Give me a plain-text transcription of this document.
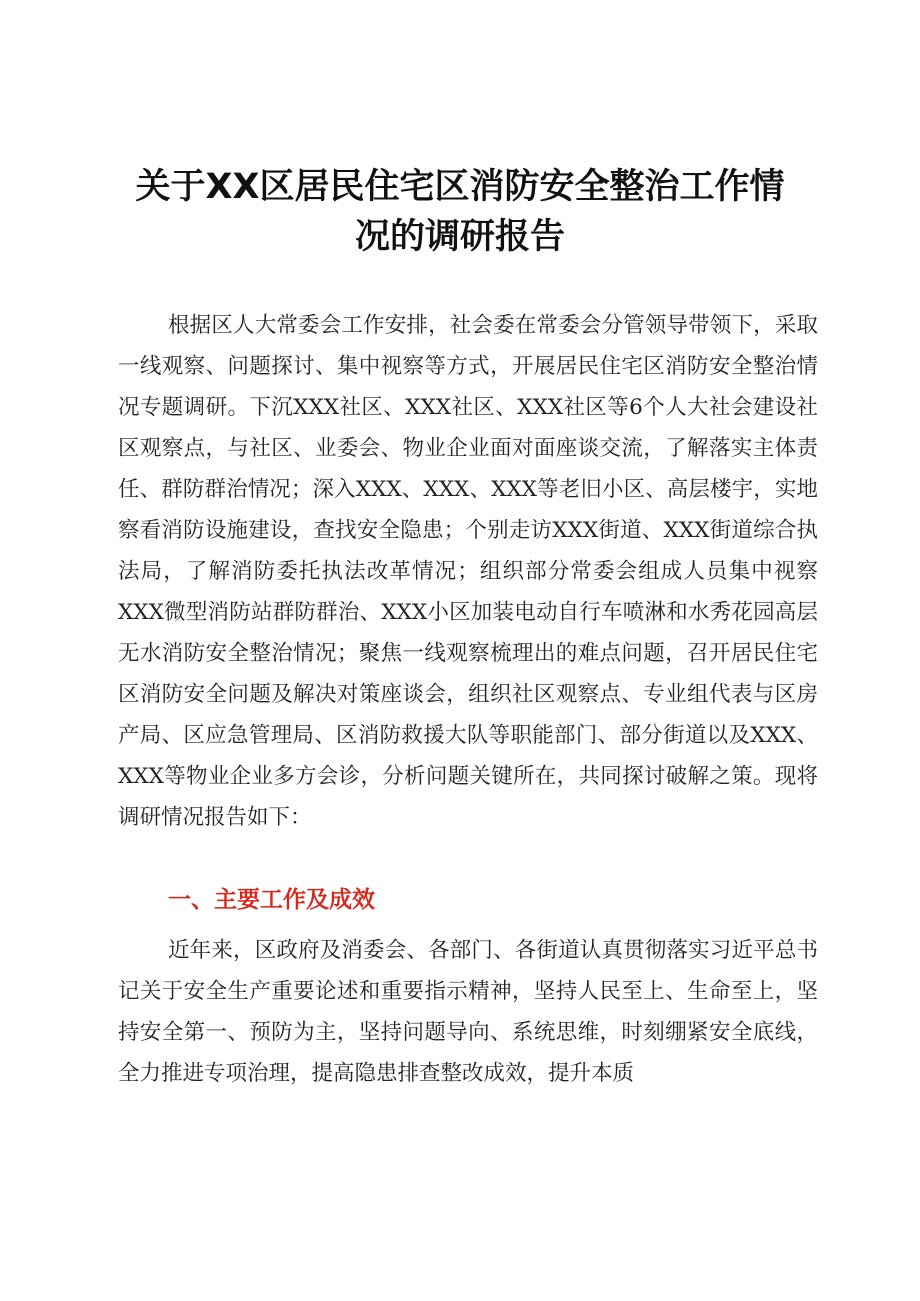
关于XX区居民住宅区消防安全整治工作情
况的调研报告

根据区人大常委会工作安排，社会委在常委会分管领导带领下，采取一线观察、问题探讨、集中视察等方式，开展居民住宅区消防安全整治情况专题调研。下沉XXX社区、XXX社区、XXX社区等6个人大社会建设社区观察点，与社区、业委会、物业企业面对面座谈交流，了解落实主体责任、群防群治情况；深入XXX、XXX、XXX等老旧小区、高层楼宇，实地察看消防设施建设，查找安全隐患；个别走访XXX街道、XXX街道综合执法局，了解消防委托执法改革情况；组织部分常委会组成人员集中视察XXX微型消防站群防群治、XXX小区加装电动自行车喷淋和水秀花园高层无水消防安全整治情况；聚焦一线观察梳理出的难点问题，召开居民住宅区消防安全问题及解决对策座谈会，组织社区观察点、专业组代表与区房产局、区应急管理局、区消防救援大队等职能部门、部分街道以及XXX、XXX等物业企业多方会诊，分析问题关键所在，共同探讨破解之策。现将调研情况报告如下：

一、主要工作及成效

近年来，区政府及消委会、各部门、各街道认真贯彻落实习近平总书记关于安全生产重要论述和重要指示精神，坚持人民至上、生命至上，坚持安全第一、预防为主，坚持问题导向、系统思维，时刻绷紧安全底线，全力推进专项治理，提高隐患排查整改成效，提升本质
